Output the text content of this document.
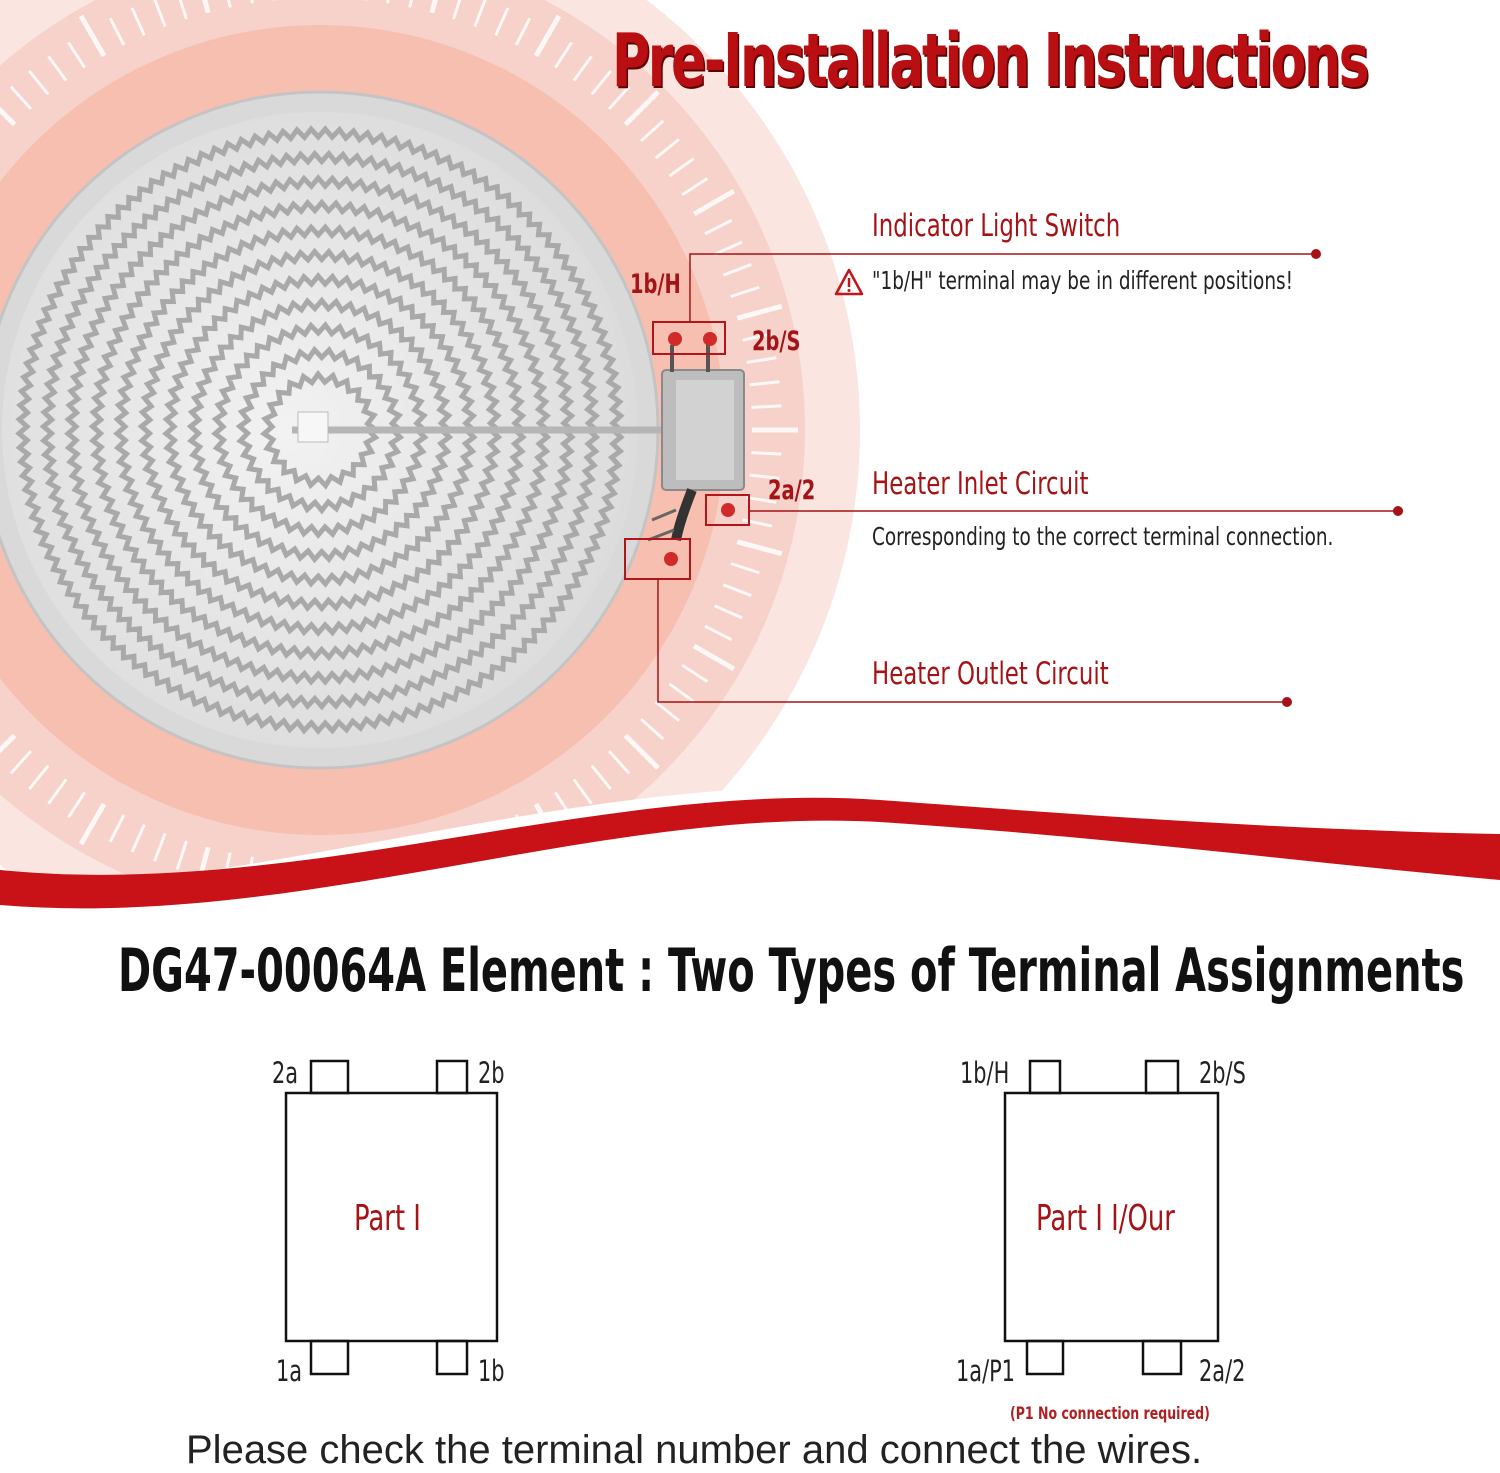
Pre-Installation Instructions
Indicator Light Switch
"1b/H" terminal may be in different positions!
Heater Inlet Circuit
Corresponding to the correct terminal connection.
Heater Outlet Circuit
1b/H
2b/S
2a/2
DG47-00064A Element : Two Types of Terminal Assignments
2a	2b
1a	1b
Part I
1b/H	2b/S
1a/P1	2a/2
Part I I/Our
(P1 No connection required)
Please check the terminal number and connect the wires.
